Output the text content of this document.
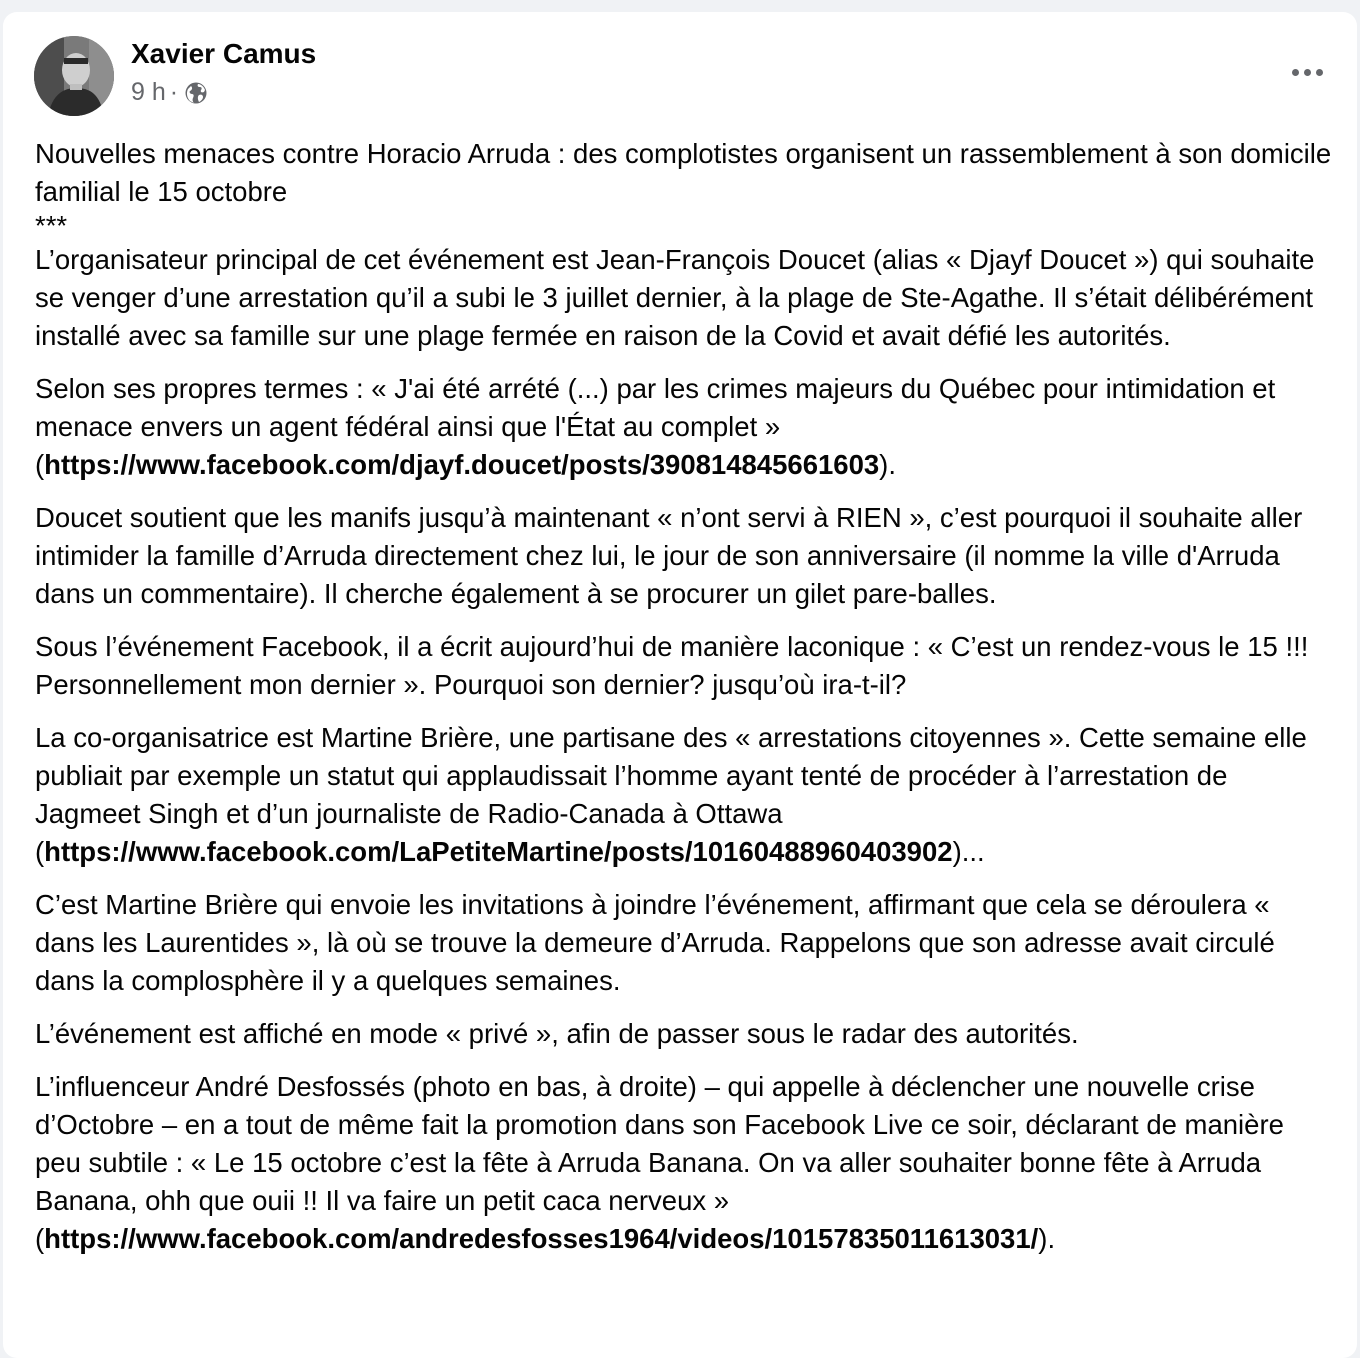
Xavier Camus
9 h ·

Nouvelles menaces contre Horacio Arruda : des complotistes organisent un rassemblement à son domicile familial le 15 octobre

***

L’organisateur principal de cet événement est Jean-François Doucet (alias « Djayf Doucet ») qui souhaite se venger d’une arrestation qu’il a subi le 3 juillet dernier, à la plage de Ste-Agathe. Il s’était délibérément installé avec sa famille sur une plage fermée en raison de la Covid et avait défié les autorités.

Selon ses propres termes : « J'ai été arrété (...) par les crimes majeurs du Québec pour intimidation et menace envers un agent fédéral ainsi que l'État au complet » (https://www.facebook.com/djayf.doucet/posts/390814845661603).

Doucet soutient que les manifs jusqu’à maintenant « n’ont servi à RIEN », c’est pourquoi il souhaite aller intimider la famille d’Arruda directement chez lui, le jour de son anniversaire (il nomme la ville d'Arruda dans un commentaire). Il cherche également à se procurer un gilet pare-balles.

Sous l’événement Facebook, il a écrit aujourd’hui de manière laconique : « C’est un rendez-vous le 15 !!! Personnellement mon dernier ». Pourquoi son dernier? jusqu’où ira-t-il?

La co-organisatrice est Martine Brière, une partisane des « arrestations citoyennes ». Cette semaine elle publiait par exemple un statut qui applaudissait l’homme ayant tenté de procéder à l’arrestation de Jagmeet Singh et d’un journaliste de Radio-Canada à Ottawa (https://www.facebook.com/LaPetiteMartine/posts/10160488960403902)...

C’est Martine Brière qui envoie les invitations à joindre l’événement, affirmant que cela se déroulera « dans les Laurentides », là où se trouve la demeure d’Arruda. Rappelons que son adresse avait circulé dans la complosphère il y a quelques semaines.

L’événement est affiché en mode « privé », afin de passer sous le radar des autorités.

L’influenceur André Desfossés (photo en bas, à droite) – qui appelle à déclencher une nouvelle crise d’Octobre – en a tout de même fait la promotion dans son Facebook Live ce soir, déclarant de manière peu subtile : « Le 15 octobre c’est la fête à Arruda Banana. On va aller souhaiter bonne fête à Arruda Banana, ohh que ouii !! Il va faire un petit caca nerveux » (https://www.facebook.com/andredesfosses1964/videos/10157835011613031/).
